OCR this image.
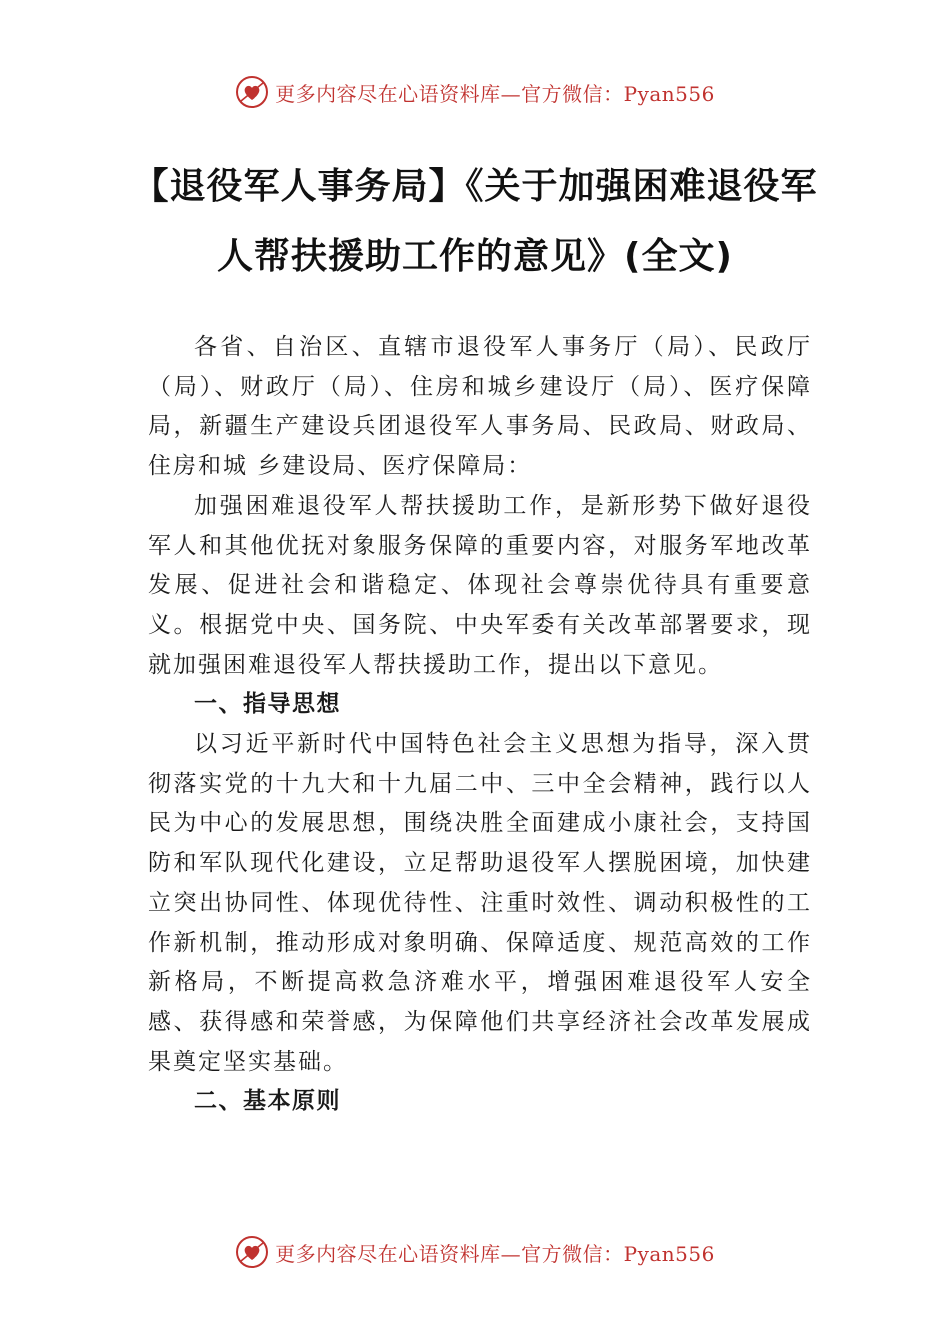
更多内容尽在心语资料库—官方微信：Pyan556
【退役军人事务局】《关于加强困难退役军
人帮扶援助工作的意见》(全文)

各省、自治区、直辖市退役军人事务厅（局）、民政厅（局）、财政厅（局）、住房和城乡建设厅（局）、医疗保障局，新疆生产建设兵团退役军人事务局、民政局、财政局、住房和城 乡建设局、医疗保障局：

加强困难退役军人帮扶援助工作，是新形势下做好退役军人和其他优抚对象服务保障的重要内容，对服务军地改革发展、促进社会和谐稳定、体现社会尊崇优待具有重要意义。根据党中央、国务院、中央军委有关改革部署要求，现就加强困难退役军人帮扶援助工作，提出以下意见。

一、指导思想

以习近平新时代中国特色社会主义思想为指导，深入贯彻落实党的十九大和十九届二中、三中全会精神，践行以人民为中心的发展思想，围绕决胜全面建成小康社会，支持国防和军队现代化建设，立足帮助退役军人摆脱困境，加快建立突出协同性、体现优待性、注重时效性、调动积极性的工作新机制，推动形成对象明确、保障适度、规范高效的工作新格局，不断提高救急济难水平，增强困难退役军人安全感、获得感和荣誉感，为保障他们共享经济社会改革发展成果奠定坚实基础。

二、基本原则

更多内容尽在心语资料库—官方微信：Pyan556
